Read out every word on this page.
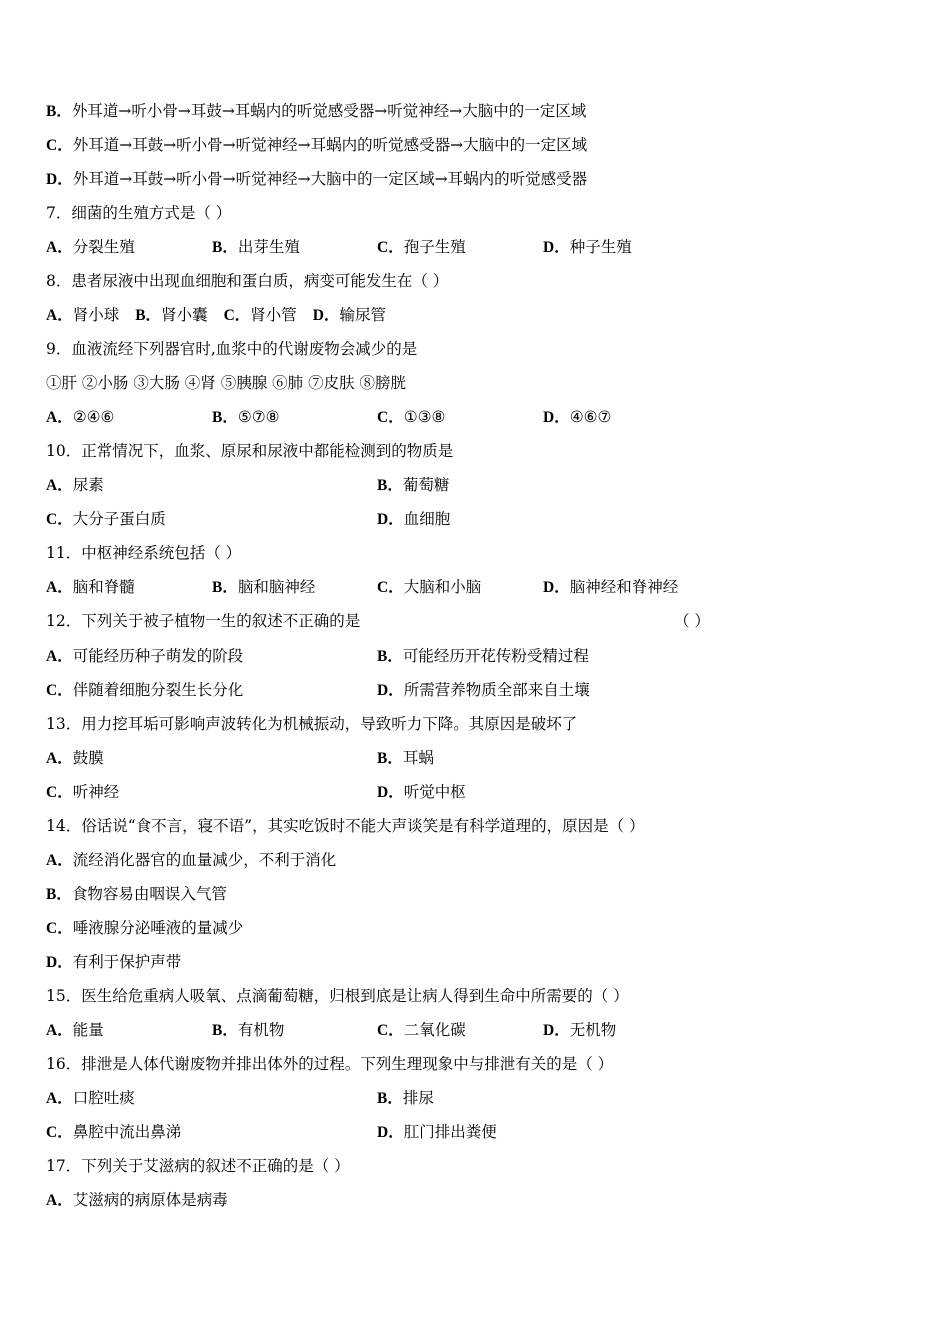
B．外耳道→听小骨→耳鼓→耳蜗内的听觉感受器→听觉神经→大脑中的一定区域
C．外耳道→耳鼓→听小骨→听觉神经→耳蜗内的听觉感受器→大脑中的一定区域
D．外耳道→耳鼓→听小骨→听觉神经→大脑中的一定区域→耳蜗内的听觉感受器
7．细菌的生殖方式是（ ）
A．分裂生殖	B．出芽生殖	C．孢子生殖	D．种子生殖
8．患者尿液中出现血细胞和蛋白质，病变可能发生在（ ）
A．肾小球 B．肾小囊 C．肾小管 D．输尿管
9．血液流经下列器官时,血浆中的代谢废物会减少的是
①肝 ②小肠 ③大肠 ④肾 ⑤胰腺 ⑥肺 ⑦皮肤 ⑧膀胱
A．②④⑥	B．⑤⑦⑧	C．①③⑧	D．④⑥⑦
10．正常情况下，血浆、原尿和尿液中都能检测到的物质是
A．尿素	B．葡萄糖
C．大分子蛋白质	D．血细胞
11．中枢神经系统包括（ ）
A．脑和脊髓	B．脑和脑神经	C．大脑和小脑	D．脑神经和脊神经
12．下列关于被子植物一生的叙述不正确的是	（ ）
A．可能经历种子萌发的阶段	B．可能经历开花传粉受精过程
C．伴随着细胞分裂生长分化	D．所需营养物质全部来自土壤
13．用力挖耳垢可影响声波转化为机械振动，导致听力下降。其原因是破坏了
A．鼓膜	B．耳蜗
C．听神经	D．听觉中枢
14．俗话说“食不言，寝不语”，其实吃饭时不能大声谈笑是有科学道理的，原因是（ ）
A．流经消化器官的血量减少，不利于消化
B．食物容易由咽误入气管
C．唾液腺分泌唾液的量减少
D．有利于保护声带
15．医生给危重病人吸氧、点滴葡萄糖，归根到底是让病人得到生命中所需要的（ ）
A．能量	B．有机物	C．二氧化碳	D．无机物
16．排泄是人体代谢废物并排出体外的过程。下列生理现象中与排泄有关的是（ ）
A．口腔吐痰	B．排尿
C．鼻腔中流出鼻涕	D．肛门排出粪便
17．下列关于艾滋病的叙述不正确的是（ ）
A．艾滋病的病原体是病毒
